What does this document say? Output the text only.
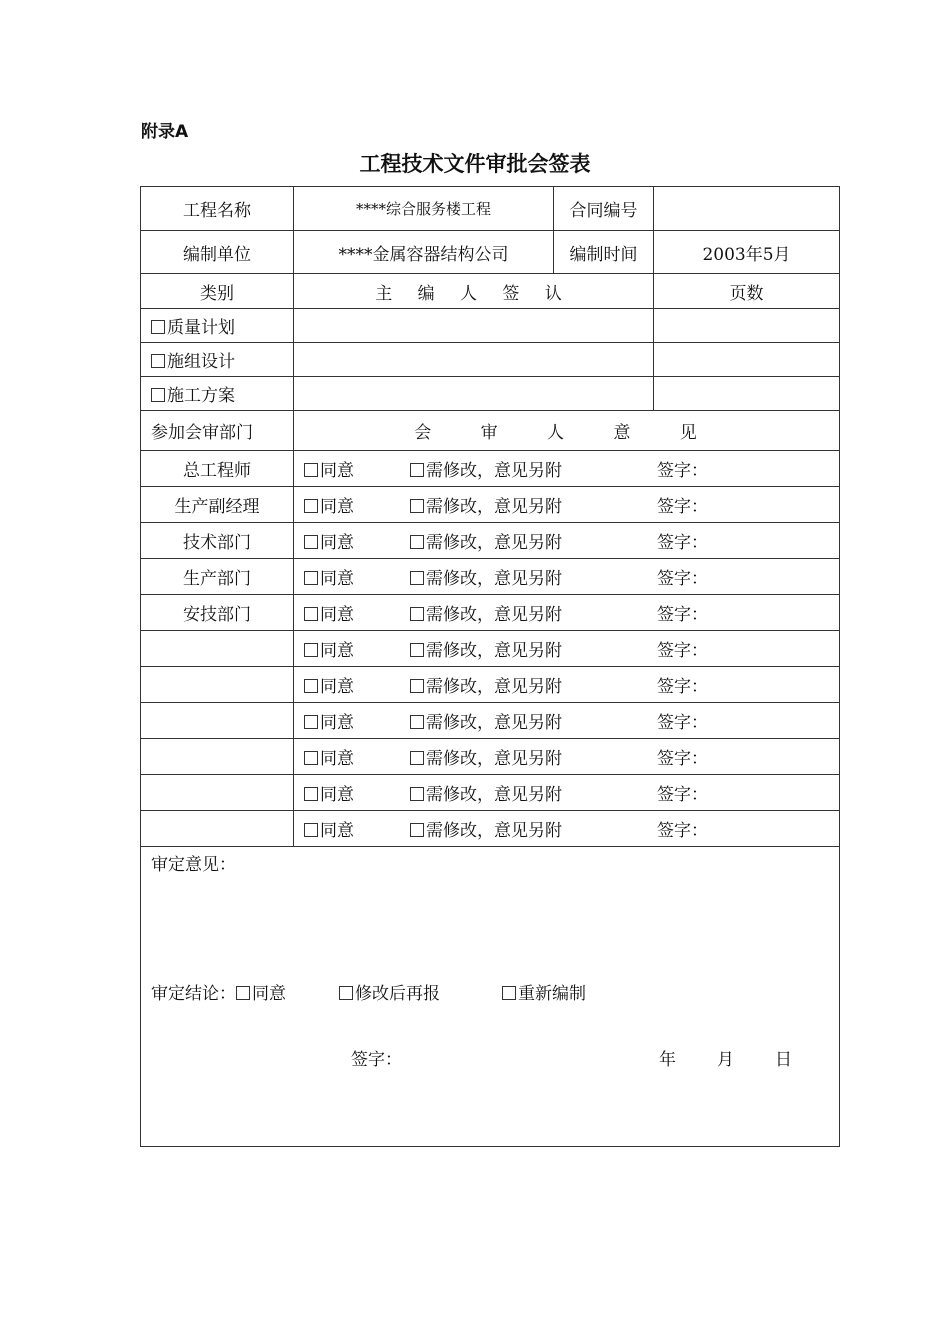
附录A
工程技术文件审批会签表
工程名称	****综合服务楼工程	合同编号	
编制单位	****金属容器结构公司	编制时间	2003年5月
类别	主 编 人 签 认		页数
质量计划			
施组设计			
施工方案			
参加会审部门	会 审 人 意 见		
总工程师	同意 需修改，意见另附 签字：		

生产副经理	同意 需修改，意见另附 签字：		

技术部门	同意 需修改，意见另附 签字：		

生产部门	同意 需修改，意见另附 签字：		

安技部门	同意 需修改，意见另附 签字：		

	同意 需修改，意见另附 签字：		

	同意 需修改，意见另附 签字：		

	同意 需修改，意见另附 签字：		

	同意 需修改，意见另附 签字：		

	同意 需修改，意见另附 签字：		

	同意 需修改，意见另附 签字：		

审定意见：
审定结论： 同意	修改后再报	重新编制
签字：	年	月	日
